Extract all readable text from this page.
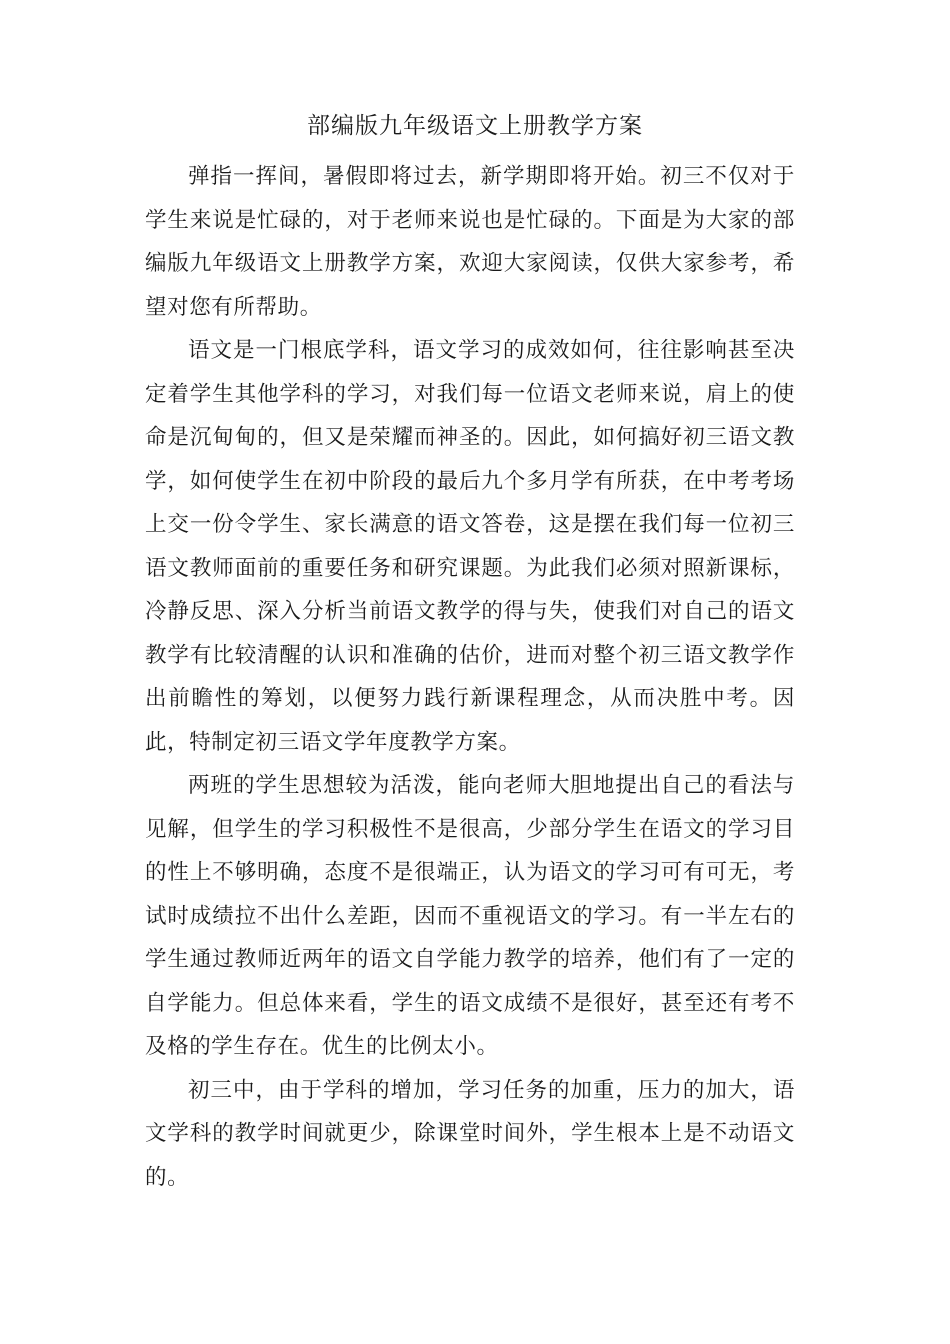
部编版九年级语文上册教学方案

弹指一挥间，暑假即将过去，新学期即将开始。初三不仅对于学生来说是忙碌的，对于老师来说也是忙碌的。下面是为大家的部编版九年级语文上册教学方案，欢迎大家阅读，仅供大家参考，希望对您有所帮助。

语文是一门根底学科，语文学习的成效如何，往往影响甚至决定着学生其他学科的学习，对我们每一位语文老师来说，肩上的使命是沉甸甸的，但又是荣耀而神圣的。因此，如何搞好初三语文教学，如何使学生在初中阶段的最后九个多月学有所获，在中考考场上交一份令学生、家长满意的语文答卷，这是摆在我们每一位初三语文教师面前的重要任务和研究课题。为此我们必须对照新课标，冷静反思、深入分析当前语文教学的得与失，使我们对自己的语文教学有比较清醒的认识和准确的估价，进而对整个初三语文教学作出前瞻性的筹划，以便努力践行新课程理念，从而决胜中考。因此，特制定初三语文学年度教学方案。

两班的学生思想较为活泼，能向老师大胆地提出自己的看法与见解，但学生的学习积极性不是很高，少部分学生在语文的学习目的性上不够明确，态度不是很端正，认为语文的学习可有可无，考试时成绩拉不出什么差距，因而不重视语文的学习。有一半左右的学生通过教师近两年的语文自学能力教学的培养，他们有了一定的自学能力。但总体来看，学生的语文成绩不是很好，甚至还有考不及格的学生存在。优生的比例太小。

初三中，由于学科的增加，学习任务的加重，压力的加大，语文学科的教学时间就更少，除课堂时间外，学生根本上是不动语文的。
